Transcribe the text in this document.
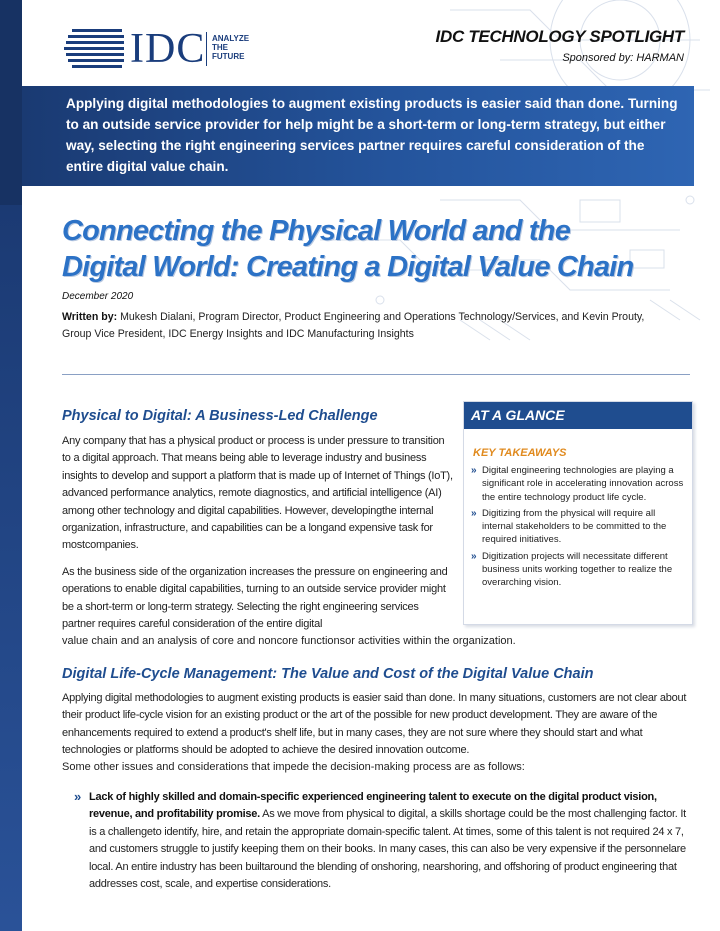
IDC ANALYZE
THE
FUTURE
IDC TECHNOLOGY SPOTLIGHT
Sponsored by: HARMAN
Applying digital methodologies to augment existing products is easier said than done. Turning to an outside service provider for help might be a short-term or long-term strategy, but either way, selecting the right engineering services partner requires careful consideration of the entire digital value chain.
Connecting the Physical World and the
Digital World: Creating a Digital Value Chain
December 2020
Written by: Mukesh Dialani, Program Director, Product Engineering and Operations Technology/Services, and Kevin Prouty, Group Vice President, IDC Energy Insights and IDC Manufacturing Insights
AT A GLANCE
KEY TAKEAWAYS
» Digital engineering technologies are playing a significant role in accelerating innovation across the entire technology product life cycle.
» Digitizing from the physical will require all internal stakeholders to be committed to the required initiatives.
» Digitization projects will necessitate different business units working together to realize the overarching vision.
Physical to Digital: A Business-Led Challenge
Any company that has a physical product or process is under pressure to transition to a digital approach. That means being able to leverage industry and business insights to develop and support a platform that is made up of Internet of Things (IoT), advanced performance analytics, remote diagnostics, and artificial intelligence (AI) among other technology and digital capabilities. However, developingthe internal organization, infrastructure, and capabilities can be a longand expensive task for mostcompanies.
As the business side of the organization increases the pressure on engineering and operations to enable digital capabilities, turning to an outside service provider might be a short-term or long-term strategy. Selecting the right engineering services partner requires careful consideration of the entire digital
value chain and an analysis of core and noncore functionsor activities within the organization.
Digital Life-Cycle Management: The Value and Cost of the Digital Value Chain
Applying digital methodologies to augment existing products is easier said than done. In many situations, customers are not clear about their product life-cycle vision for an existing product or the art of the possible for new product development. They are aware of the enhancements required to extend a product's shelf life, but in many cases, they are not sure where they should start and what technologies or platforms should be adopted to achieve the desired innovation outcome.
Some other issues and considerations that impede the decision-making process are as follows:
» Lack of highly skilled and domain-specific experienced engineering talent to execute on the digital product vision, revenue, and profitability promise. As we move from physical to digital, a skills shortage could be the most challenging factor. It is a challengeto identify, hire, and retain the appropriate domain-specific talent. At times, some of this talent is not required 24 x 7, and customers struggle to justify keeping them on their books. In many cases, this can also be very expensive if the personnelare local. An entire industry has been builtaround the blending of onshoring, nearshoring, and offshoring of product engineering that addresses cost, scale, and expertise considerations.
